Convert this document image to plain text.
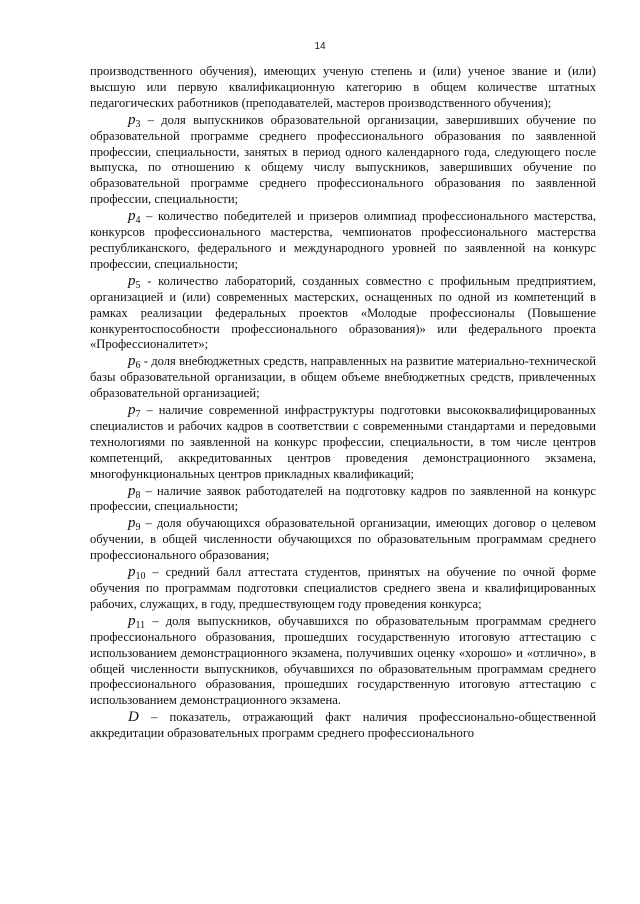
14

производственного обучения), имеющих ученую степень и (или) ученое звание и (или) высшую или первую квалификационную категорию в общем количестве штатных педагогических работников (преподавателей, мастеров производственного обучения);

$p_3$ – доля выпускников образовательной организации, завершивших обучение по образовательной программе среднего профессионального образования по заявленной профессии, специальности, занятых в период одного календарного года, следующего после выпуска, по отношению к общему числу выпускников, завершивших обучение по образовательной программе среднего профессионального образования по заявленной профессии, специальности;

$p_4$ – количество победителей и призеров олимпиад профессионального мастерства, конкурсов профессионального мастерства, чемпионатов профессионального мастерства республиканского, федерального и международного уровней по заявленной на конкурс профессии, специальности;

$p_5$ - количество лабораторий, созданных совместно с профильным предприятием, организацией и (или) современных мастерских, оснащенных по одной из компетенций в рамках реализации федеральных проектов «Молодые профессионалы (Повышение конкурентоспособности профессионального образования)» или федерального проекта «Профессионалитет»;

$p_6$ - доля внебюджетных средств, направленных на развитие материально-технической базы образовательной организации, в общем объеме внебюджетных средств, привлеченных образовательной организацией;

$p_7$ – наличие современной инфраструктуры подготовки высококвалифицированных специалистов и рабочих кадров в соответствии с современными стандартами и передовыми технологиями по заявленной на конкурс профессии, специальности, в том числе центров компетенций, аккредитованных центров проведения демонстрационного экзамена, многофункциональных центров прикладных квалификаций;

$p_8$ – наличие заявок работодателей на подготовку кадров по заявленной на конкурс профессии, специальности;

$p_9$ – доля обучающихся образовательной организации, имеющих договор о целевом обучении, в общей численности обучающихся по образовательным программам среднего профессионального образования;

$p_{10}$ – средний балл аттестата студентов, принятых на обучение по очной форме обучения по программам подготовки специалистов среднего звена и квалифицированных рабочих, служащих, в году, предшествующем году проведения конкурса;

$p_{11}$ – доля выпускников, обучавшихся по образовательным программам среднего профессионального образования, прошедших государственную итоговую аттестацию с использованием демонстрационного экзамена, получивших оценку «хорошо» и «отлично», в общей численности выпускников, обучавшихся по образовательным программам среднего профессионального образования, прошедших государственную итоговую аттестацию с использованием демонстрационного экзамена.

D – показатель, отражающий факт наличия профессионально-общественной аккредитации образовательных программ среднего профессионального
